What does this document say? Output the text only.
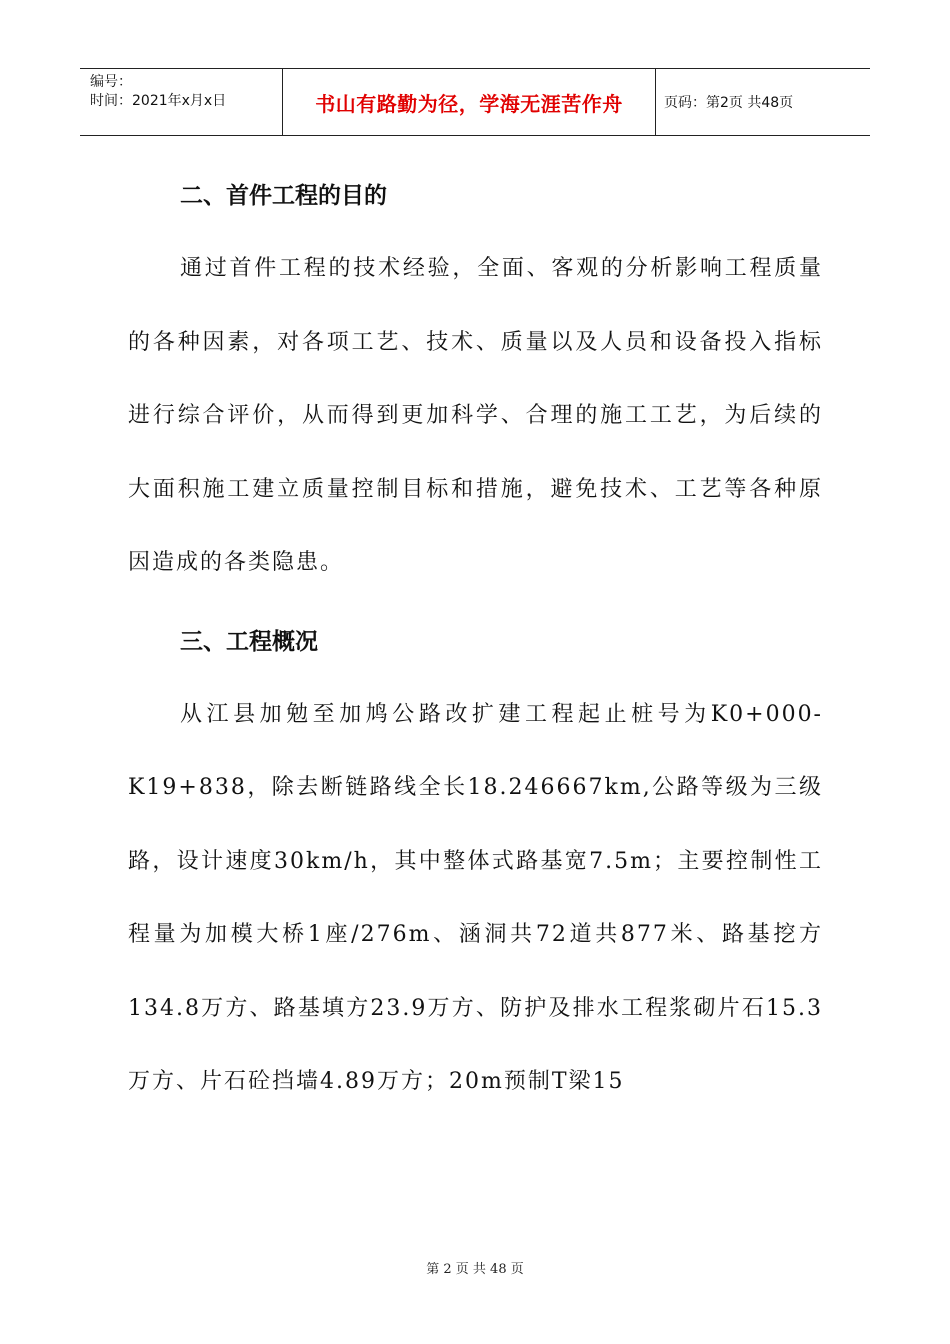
编号：
时间：2021年x月x日	书山有路勤为径，学海无涯苦作舟	页码：第2页 共48页
二、首件工程的目的

通过首件工程的技术经验，全面、客观的分析影响工程质量的各种因素，对各项工艺、技术、质量以及人员和设备投入指标进行综合评价，从而得到更加科学、合理的施工工艺，为后续的大面积施工建立质量控制目标和措施，避免技术、工艺等各种原因造成的各类隐患。

三、工程概况

从江县加勉至加鸠公路改扩建工程起止桩号为K0+000-K19+838，除去断链路线全长18.246667km,公路等级为三级路，设计速度30km/h，其中整体式路基宽7.5m；主要控制性工程量为加模大桥1座/276m、涵洞共72道共877米、路基挖方134.8万方、路基填方23.9万方、防护及排水工程浆砌片石15.3万方、片石砼挡墙4.89万方；20m预制T梁15

第 2 页 共 48 页
